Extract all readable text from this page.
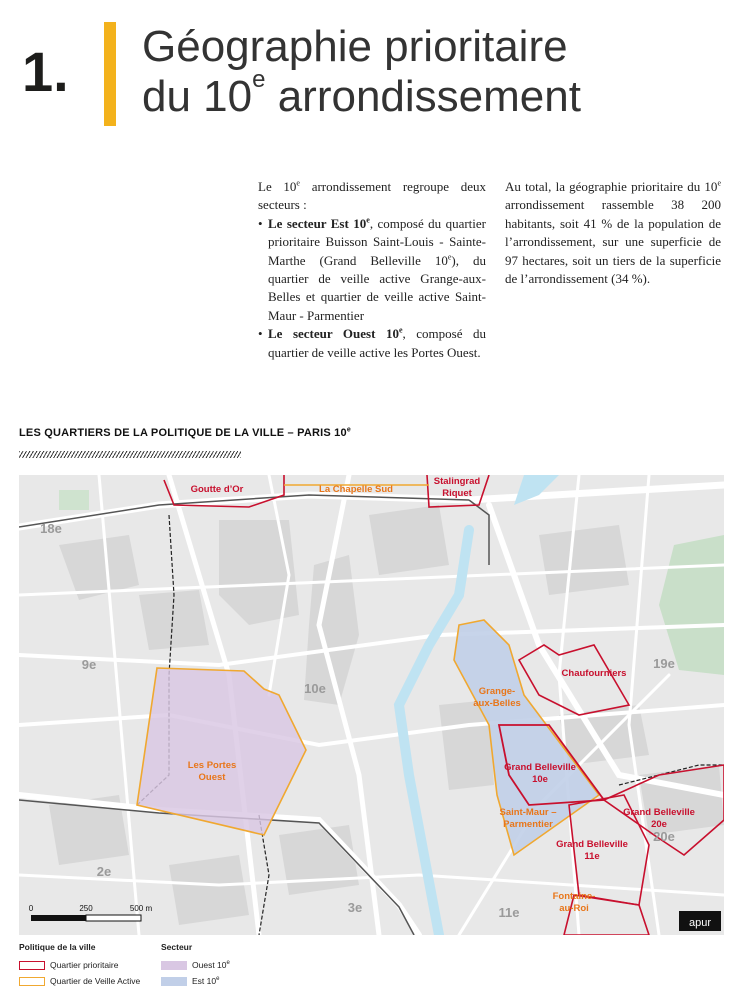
1. Géographie prioritaire
du 10e arrondissement

Le 10e arrondissement regroupe deux secteurs :

• Le secteur Est 10e, composé du quartier prioritaire Buisson Saint-Louis - Sainte-Marthe (Grand Belleville 10e), du quartier de veille active Grange-aux-Belles et quartier de veille active Saint-Maur - Parmentier
• Le secteur Ouest 10e, composé du quartier de veille active les Portes Ouest.

Au total, la géographie prioritaire du 10e arrondissement rassemble 38 200 habitants, soit 41 % de la population de l’arrondissement, sur une superficie de 97 hectares, soit un tiers de la superficie de l’arrondissement (34 %).

LES QUARTIERS DE LA POLITIQUE DE LA VILLE – PARIS 10e
Goutte d’Or	La Chapelle Sud
Stalingrad
Riquet
Chaufourniers
Grange-
aux-Belles
Les Portes
Ouest
Grand Belleville
10e
Saint-Maur –
Parmentier
Grand Belleville
20e
Grand Belleville
11e
Fontaine-
au-Roi
18e
9e
10e
19e
20e
2e
3e	11e
0	250	500 m
apur
Politique de la ville
Quartier prioritaire
Quartier de Veille Active
Secteur
Ouest 10e
Est 10e
